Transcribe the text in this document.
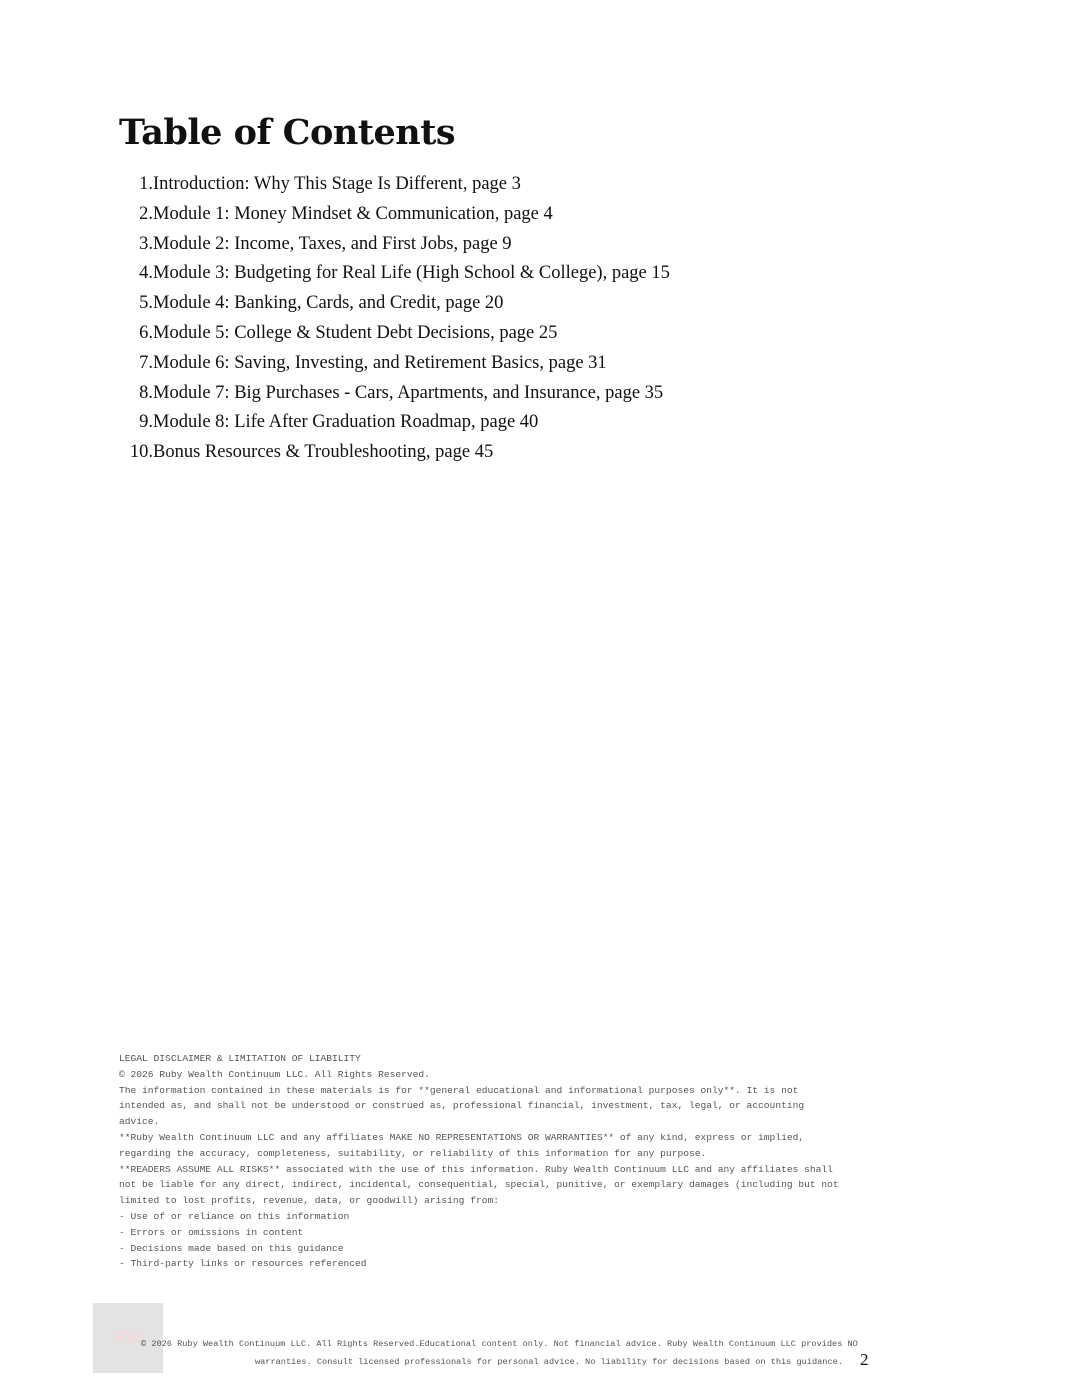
Table of Contents
1. Introduction: Why This Stage Is Different, page 3
2. Module 1: Money Mindset & Communication, page 4
3. Module 2: Income, Taxes, and First Jobs, page 9
4. Module 3: Budgeting for Real Life (High School & College), page 15
5. Module 4: Banking, Cards, and Credit, page 20
6. Module 5: College & Student Debt Decisions, page 25
7. Module 6: Saving, Investing, and Retirement Basics, page 31
8. Module 7: Big Purchases - Cars, Apartments, and Insurance, page 35
9. Module 8: Life After Graduation Roadmap, page 40
10. Bonus Resources & Troubleshooting, page 45
LEGAL DISCLAIMER & LIMITATION OF LIABILITY
© 2026 Ruby Wealth Continuum LLC. All Rights Reserved.
The information contained in these materials is for **general educational and informational purposes only**. It is not
intended as, and shall not be understood or construed as, professional financial, investment, tax, legal, or accounting
advice.
**Ruby Wealth Continuum LLC and any affiliates MAKE NO REPRESENTATIONS OR WARRANTIES** of any kind, express or implied,
regarding the accuracy, completeness, suitability, or reliability of this information for any purpose.
**READERS ASSUME ALL RISKS** associated with the use of this information. Ruby Wealth Continuum LLC and any affiliates shall
not be liable for any direct, indirect, incidental, consequential, special, punitive, or exemplary damages (including but not
limited to lost profits, revenue, data, or goodwill) arising from:
- Use of or reliance on this information
- Errors or omissions in content
- Decisions made based on this guidance
- Third-party links or resources referenced
RW © 2026 Ruby Wealth Continuum LLC. All Rights Reserved.Educational content only. Not financial advice. Ruby Wealth Continuum LLC provides NO
warranties. Consult licensed professionals for personal advice. No liability for decisions based on this guidance. 2
